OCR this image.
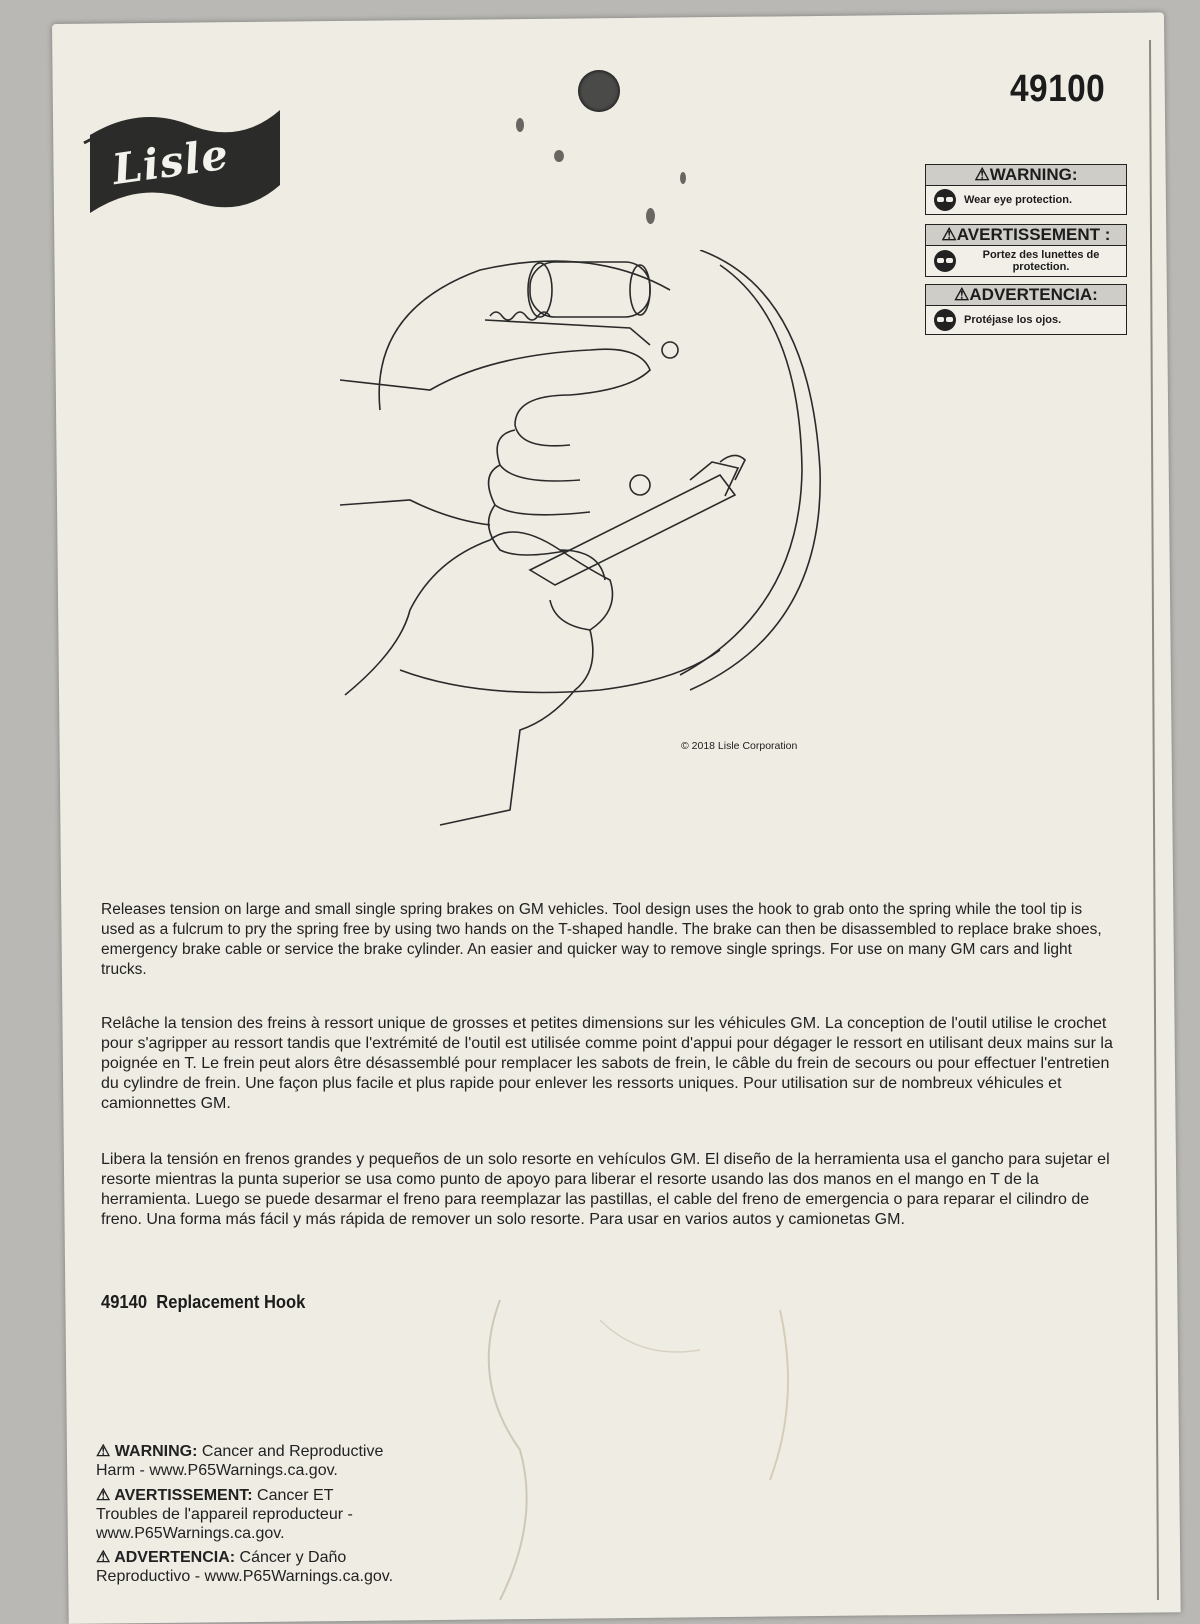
Lisle
49100
⚠WARNING:
Wear eye protection.
⚠AVERTISSEMENT :
Portez des lunettes de protection.
⚠ADVERTENCIA:
Protéjase los ojos.
© 2018 Lisle Corporation
Releases tension on large and small single spring brakes on GM vehicles. Tool design uses the hook to grab onto the spring while the tool tip is used as a fulcrum to pry the spring free by using two hands on the T-shaped handle. The brake can then be disassembled to replace brake shoes, emergency brake cable or service the brake cylinder. An easier and quicker way to remove single springs. For use on many GM cars and light trucks.
Relâche la tension des freins à ressort unique de grosses et petites dimensions sur les véhicules GM. La conception de l'outil utilise le crochet pour s'agripper au ressort tandis que l'extrémité de l'outil est utilisée comme point d'appui pour dégager le ressort en utilisant deux mains sur la poignée en T. Le frein peut alors être désassemblé pour remplacer les sabots de frein, le câble du frein de secours ou pour effectuer l'entretien du cylindre de frein. Une façon plus facile et plus rapide pour enlever les ressorts uniques. Pour utilisation sur de nombreux véhicules et camionnettes GM.
Libera la tensión en frenos grandes y pequeños de un solo resorte en vehículos GM. El diseño de la herramienta usa el gancho para sujetar el resorte mientras la punta superior se usa como punto de apoyo para liberar el resorte usando las dos manos en el mango en T de la herramienta. Luego se puede desarmar el freno para reemplazar las pastillas, el cable del freno de emergencia o para reparar el cilindro de freno. Una forma más fácil y más rápida de remover un solo resorte. Para usar en varios autos y camionetas GM.
49140 Replacement Hook
⚠ WARNING: Cancer and Reproductive Harm - www.P65Warnings.ca.gov.
⚠ AVERTISSEMENT: Cancer ET Troubles de l'appareil reproducteur - www.P65Warnings.ca.gov.
⚠ ADVERTENCIA: Cáncer y Daño Reproductivo - www.P65Warnings.ca.gov.
